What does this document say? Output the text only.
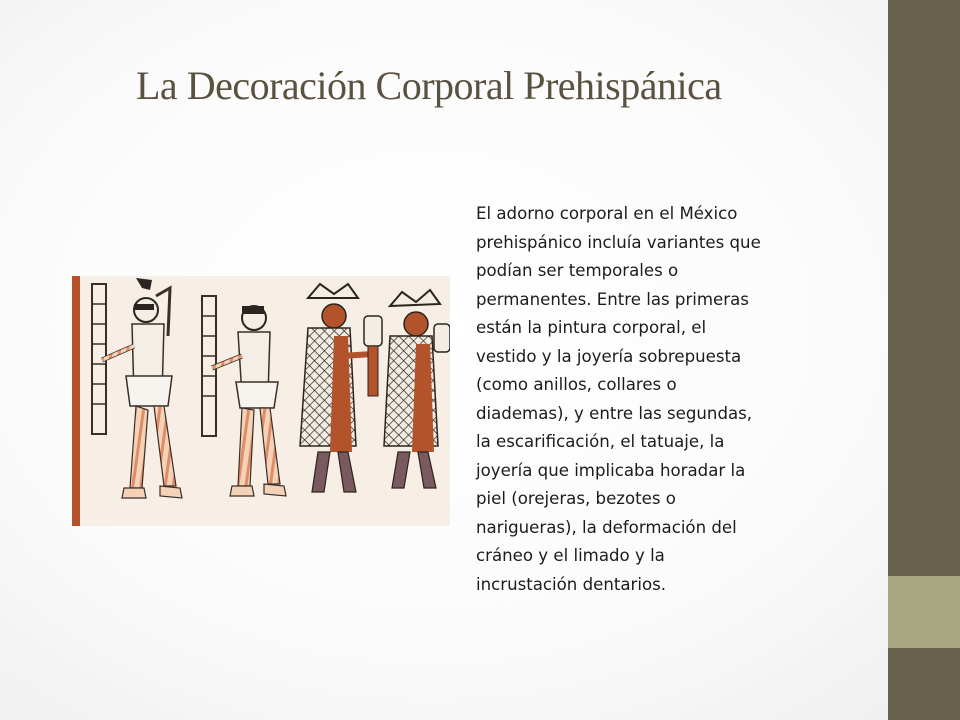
La Decoración Corporal Prehispánica
El adorno corporal en el México
prehispánico incluía variantes que
podían ser temporales o
permanentes. Entre las primeras
están la pintura corporal, el
vestido y la joyería sobrepuesta
(como anillos, collares o
diademas), y entre las segundas,
la escarificación, el tatuaje, la
joyería que implicaba horadar la
piel (orejeras, bezotes o
narigueras), la deformación del
cráneo y el limado y la
incrustación dentarios.
